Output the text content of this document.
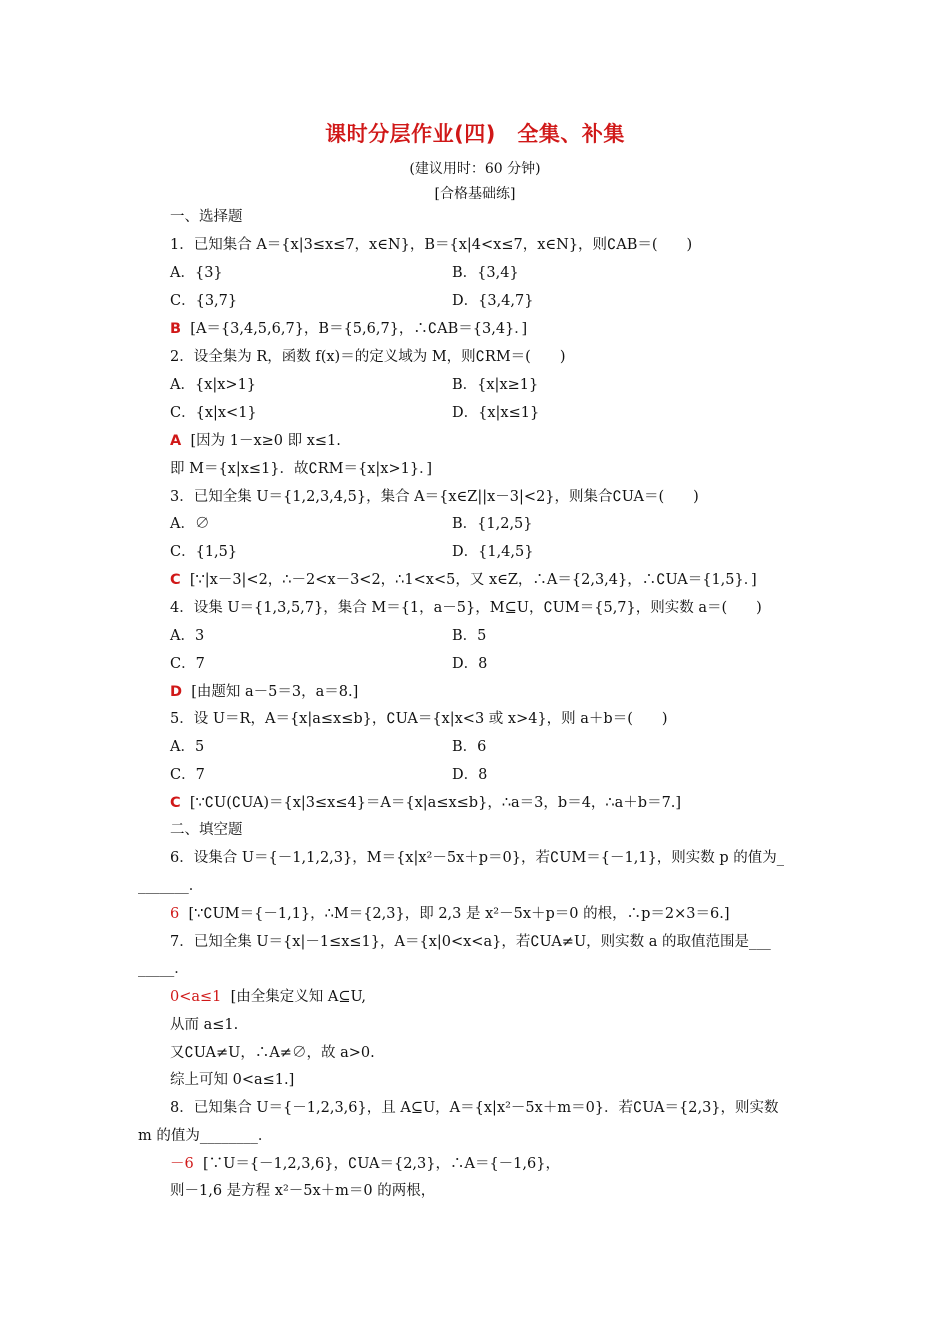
课时分层作业(四)　全集、补集
(建议用时：60 分钟)
[合格基础练]
一、选择题
1．已知集合 A＝{x|3≤x≤7，x∈N}，B＝{x|4<x≤7，x∈N}，则∁AB＝(　　)
A．{3}	B．{3,4}
C．{3,7}	D．{3,4,7}
B [A＝{3,4,5,6,7}，B＝{5,6,7}，∴∁AB＝{3,4}．]
2．设全集为 R，函数 f(x)＝的定义域为 M，则∁RM＝(　　)
A．{x|x>1}	B．{x|x≥1}
C．{x|x<1}	D．{x|x≤1}
A [因为 1－x≥0 即 x≤1.
即 M＝{x|x≤1}．故∁RM＝{x|x>1}．]
3．已知全集 U＝{1,2,3,4,5}，集合 A＝{x∈Z||x－3|<2}，则集合∁UA＝(　　)
A．∅	B．{1,2,5}
C．{1,5}	D．{1,4,5}
C [∵|x－3|<2，∴－2<x－3<2，∴1<x<5，又 x∈Z，∴A＝{2,3,4}，∴∁UA＝{1,5}．]
4．设集 U＝{1,3,5,7}，集合 M＝{1，a－5}，M⊆U，∁UM＝{5,7}，则实数 a＝(　　)
A．3	B．5
C．7	D．8
D [由题知 a－5＝3，a＝8.]
5．设 U＝R，A＝{x|a≤x≤b}，∁UA＝{x|x<3 或 x>4}，则 a＋b＝(　　)
A．5	B．6
C．7	D．8
C [∵∁U(∁UA)＝{x|3≤x≤4}＝A＝{x|a≤x≤b}，∴a＝3，b＝4，∴a＋b＝7.]
二、填空题
6．设集合 U＝{－1,1,2,3}，M＝{x|x²－5x＋p＝0}，若∁UM＝{－1,1}，则实数 p 的值为_
_______．
6 [∵∁UM＝{－1,1}，∴M＝{2,3}，即 2,3 是 x²－5x＋p＝0 的根，∴p＝2×3＝6.]
7．已知全集 U＝{x|－1≤x≤1}，A＝{x|0<x<a}，若∁UA≠U，则实数 a 的取值范围是___
_____．
0<a≤1 [由全集定义知 A⊆U,
从而 a≤1.
又∁UA≠U，∴A≠∅，故 a>0.
综上可知 0<a≤1.]
8．已知集合 U＝{－1,2,3,6}，且 A⊆U，A＝{x|x²－5x＋m＝0}．若∁UA＝{2,3}，则实数
m 的值为________．
－6 [∵U＝{－1,2,3,6}，∁UA＝{2,3}，∴A＝{－1,6}，
则－1,6 是方程 x²－5x＋m＝0 的两根，
